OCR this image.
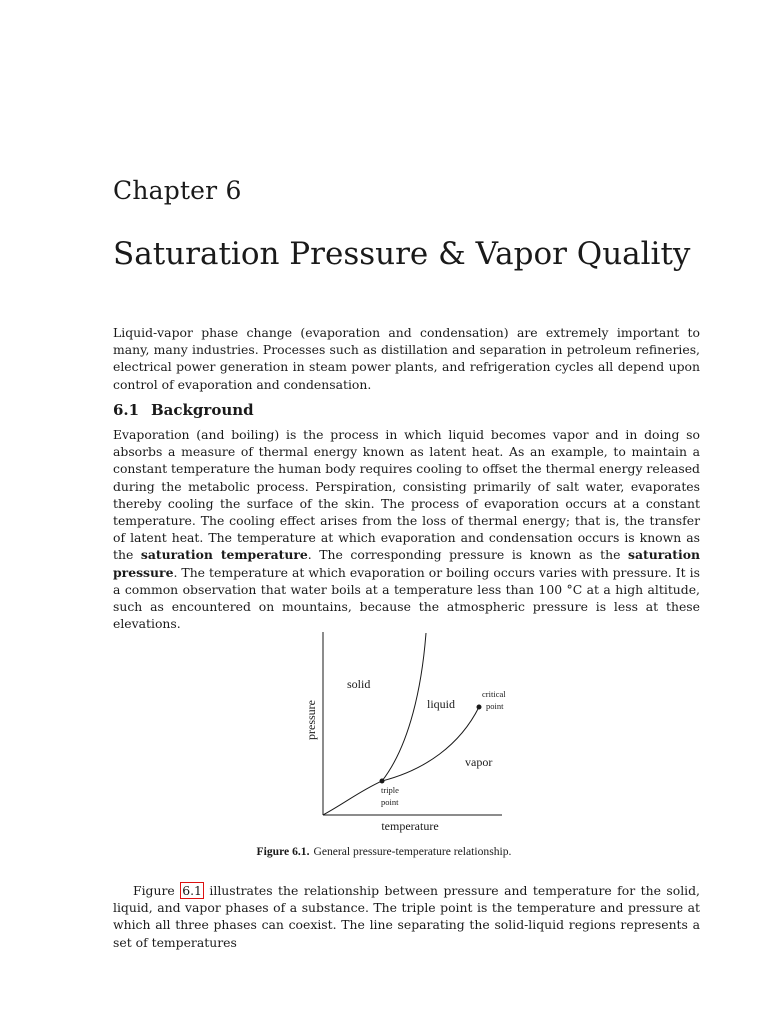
Chapter 6
Saturation Pressure & Vapor Quality

Liquid-vapor phase change (evaporation and condensation) are extremely important to many, many industries. Processes such as distillation and separation in petroleum refineries, electrical power generation in steam power plants, and refrigeration cycles all depend upon control of evaporation and condensation.

6.1 Background

Evaporation (and boiling) is the process in which liquid becomes vapor and in doing so absorbs a measure of thermal energy known as latent heat. As an example, to maintain a constant temperature the human body requires cooling to offset the thermal energy released during the metabolic process. Perspiration, consisting primarily of salt water, evaporates thereby cooling the surface of the skin. The process of evaporation occurs at a constant temperature. The cooling effect arises from the loss of thermal energy; that is, the transfer of latent heat. The temperature at which evaporation and condensation occurs is known as the saturation temperature. The corresponding pressure is known as the saturation pressure. The temperature at which evaporation or boiling occurs varies with pressure. It is a common observation that water boils at a temperature less than 100 °C at a high altitude, such as encountered on mountains, because the atmospheric pressure is less at these elevations.

solid
liquid
vapor
critical
point
triple
point
temperature
pressure
Figure 6.1. General pressure-temperature relationship.

Figure 6.1 illustrates the relationship between pressure and temperature for the solid, liquid, and vapor phases of a substance. The triple point is the temperature and pressure at which all three phases can coexist. The line separating the solid-liquid regions represents a set of temperatures
